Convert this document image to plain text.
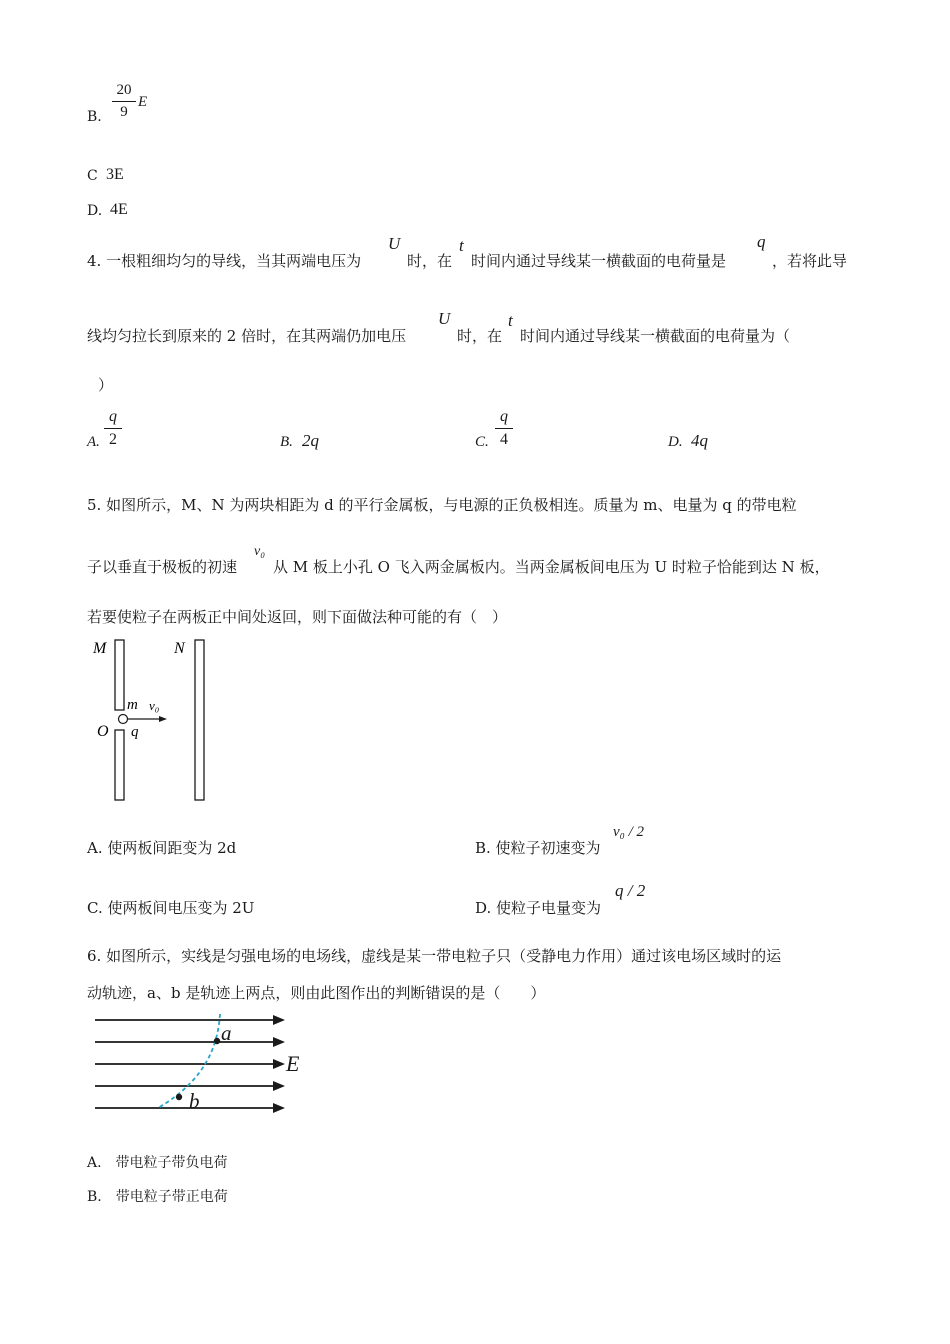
B.
20
9
E
C 3E
D. 4E
4. 一根粗细均匀的导线，当其两端电压为
U
时，在
t
时间内通过导线某一横截面的电荷量是
q
，若将此导
线均匀拉长到原来的 2 倍时，在其两端仍加电压
U
时，在
t
时间内通过导线某一横截面的电荷量为（
）
A.
q
2	B. 2q	C.
q
4	D. 4q
5. 如图所示，M、N 为两块相距为 d 的平行金属板，与电源的正负极相连。质量为 m、电量为 q 的带电粒
子以垂直于极板的初速
v₀
从 M 板上小孔 O 飞入两金属板内。当两金属板间电压为 U 时粒子恰能到达 N 板，
若要使粒子在两板正中间处返回，则下面做法种可能的有（　）
M	N
m v₀
O q
A. 使两板间距变为 2d	B. 使粒子初速变为
v₀ / 2
C. 使两板间电压变为 2U	D. 使粒子电量变为
q / 2
6. 如图所示，实线是匀强电场的电场线，虚线是某一带电粒子只（受静电力作用）通过该电场区域时的运
动轨迹，a、b 是轨迹上两点，则由此图作出的判断错误的是（　　）
a
b
E
A.　带电粒子带负电荷
B.　带电粒子带正电荷
